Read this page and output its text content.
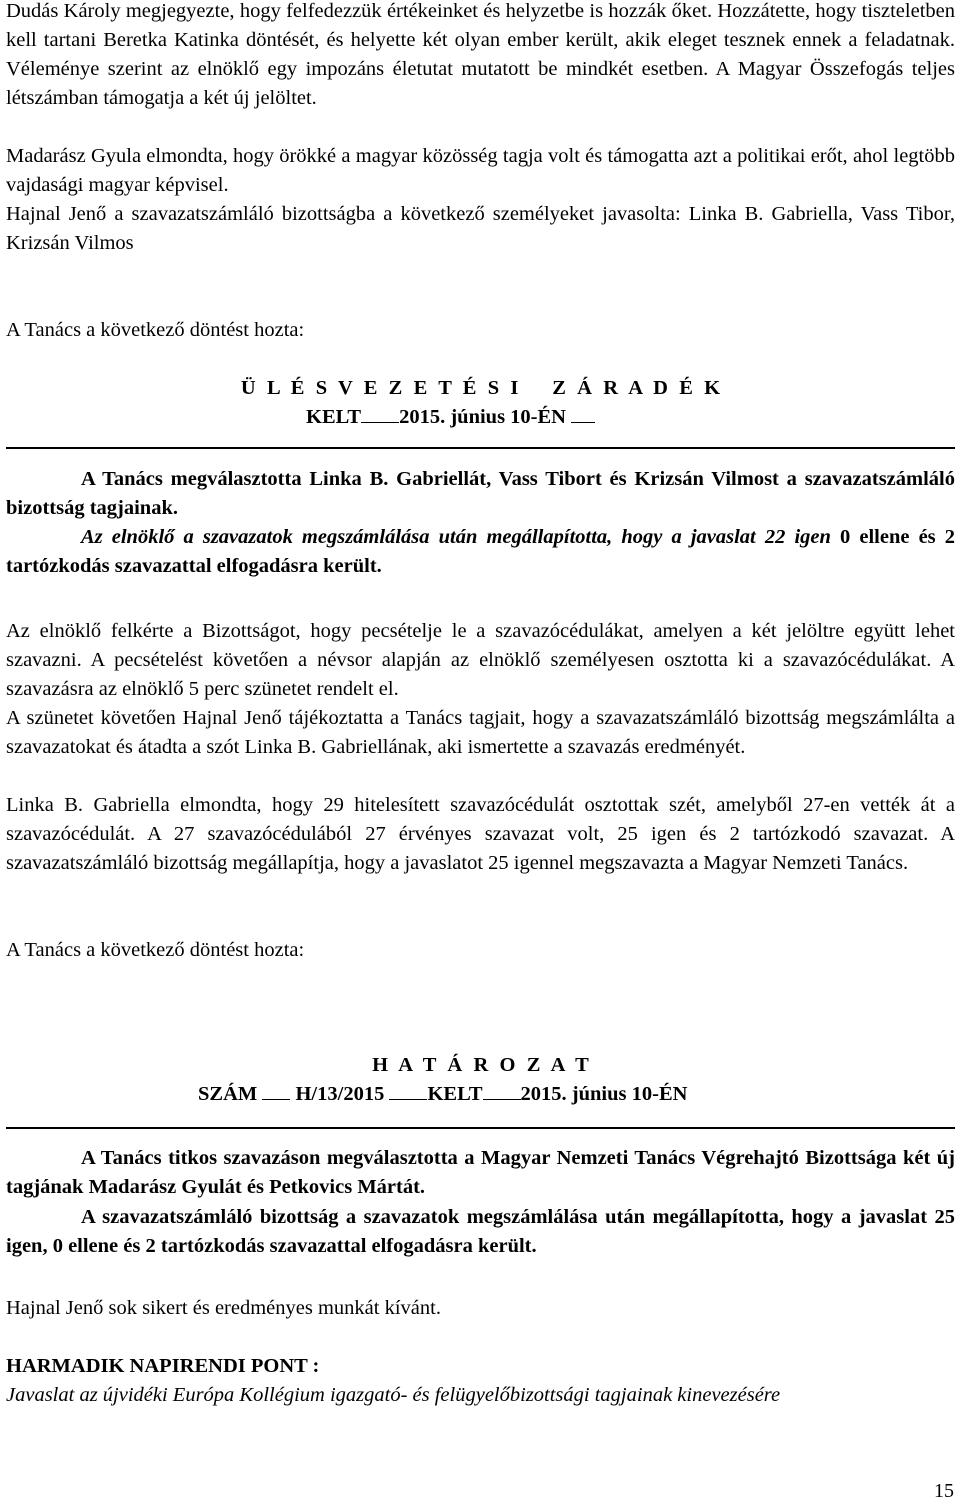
Dudás Károly megjegyezte, hogy felfedezzük értékeinket és helyzetbe is hozzák őket. Hozzátette, hogy tiszteletben kell tartani Beretka Katinka döntését, és helyette két olyan ember került, akik eleget tesznek ennek a feladatnak. Véleménye szerint az elnöklő egy impozáns életutat mutatott be mindkét esetben. A Magyar Összefogás teljes létszámban támogatja a két új jelöltet.
Madarász Gyula elmondta, hogy örökké a magyar közösség tagja volt és támogatta azt a politikai erőt, ahol legtöbb vajdasági magyar képvisel.
Hajnal Jenő a szavazatszámláló bizottságba a következő személyeket javasolta: Linka B. Gabriella, Vass Tibor, Krizsán Vilmos
A Tanács a következő döntést hozta:
Ü L É S V E Z E T É S I   Z Á R A D É K
KELT 2015. június 10-ÉN
A Tanács megválasztotta Linka B. Gabriellát, Vass Tibort és Krizsán Vilmost a szavazatszámláló bizottság tagjainak.
Az elnöklő a szavazatok megszámlálása után megállapította, hogy a javaslat 22 igen 0 ellene és 2 tartózkodás szavazattal elfogadásra került.
Az elnöklő felkérte a Bizottságot, hogy pecsételje le a szavazócédulákat, amelyen a két jelöltre együtt lehet szavazni. A pecsételést követően a névsor alapján az elnöklő személyesen osztotta ki a szavazócédulákat. A szavazásra az elnöklő 5 perc szünetet rendelt el.
A szünetet követően Hajnal Jenő tájékoztatta a Tanács tagjait, hogy a szavazatszámláló bizottság megszámlálta a szavazatokat és átadta a szót Linka B. Gabriellának, aki ismertette a szavazás eredményét.
Linka B. Gabriella elmondta, hogy 29 hitelesített szavazócédulát osztottak szét, amelyből 27-en vették át a szavazócédulát. A 27 szavazócédulából 27 érvényes szavazat volt, 25 igen és 2 tartózkodó szavazat. A szavazatszámláló bizottság megállapítja, hogy a javaslatot 25 igennel megszavazta a Magyar Nemzeti Tanács.
A Tanács a következő döntést hozta:
H A T Á R O Z A T
SZÁM H/13/2015 KELT 2015. június 10-ÉN
A Tanács titkos szavazáson megválasztotta a Magyar Nemzeti Tanács Végrehajtó Bizottsága két új tagjának Madarász Gyulát és Petkovics Mártát.
A szavazatszámláló bizottság a szavazatok megszámlálása után megállapította, hogy a javaslat 25 igen, 0 ellene és 2 tartózkodás szavazattal elfogadásra került.
Hajnal Jenő sok sikert és eredményes munkát kívánt.
HARMADIK NAPIRENDI PONT :
Javaslat az újvidéki Európa Kollégium igazgató- és felügyelőbizottsági tagjainak kinevezésére
15
